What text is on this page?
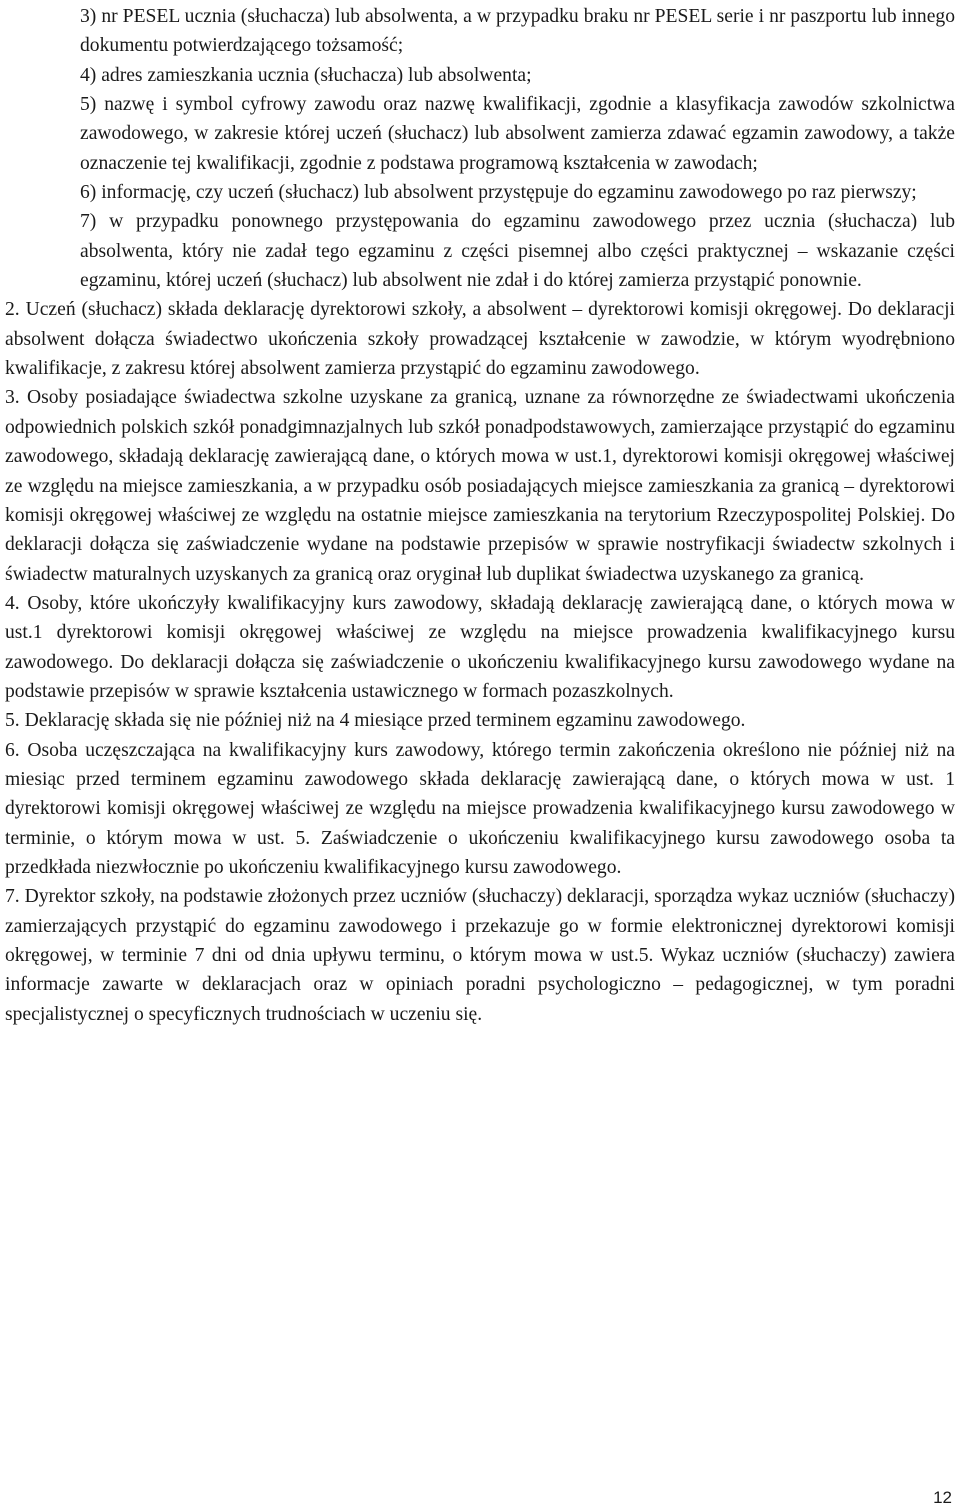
3) nr PESEL ucznia (słuchacza) lub absolwenta, a w przypadku braku nr PESEL serie i nr paszportu lub innego dokumentu potwierdzającego tożsamość;

4) adres zamieszkania ucznia (słuchacza) lub absolwenta;

5) nazwę i symbol cyfrowy zawodu oraz nazwę kwalifikacji, zgodnie a klasyfikacja zawodów szkolnictwa zawodowego, w zakresie której uczeń (słuchacz) lub absolwent zamierza zdawać egzamin zawodowy, a także oznaczenie tej kwalifikacji, zgodnie z podstawa programową kształcenia w zawodach;

6) informację, czy uczeń (słuchacz) lub absolwent przystępuje do egzaminu zawodowego po raz pierwszy;

7) w przypadku ponownego przystępowania do egzaminu zawodowego przez ucznia (słuchacza) lub absolwenta, który nie zadał tego egzaminu z części pisemnej albo części praktycznej – wskazanie części egzaminu, której uczeń (słuchacz) lub absolwent nie zdał i do której zamierza przystąpić ponownie.

2. Uczeń (słuchacz) składa deklarację dyrektorowi szkoły, a absolwent – dyrektorowi komisji okręgowej. Do deklaracji absolwent dołącza świadectwo ukończenia szkoły prowadzącej kształcenie w zawodzie, w którym wyodrębniono kwalifikacje, z zakresu której absolwent zamierza przystąpić do egzaminu zawodowego.

3. Osoby posiadające świadectwa szkolne uzyskane za granicą, uznane za równorzędne ze świadectwami ukończenia odpowiednich polskich szkół ponadgimnazjalnych lub szkół ponadpodstawowych, zamierzające przystąpić do egzaminu zawodowego, składają deklarację zawierającą dane, o których mowa w ust.1, dyrektorowi komisji okręgowej właściwej ze względu na miejsce zamieszkania, a w przypadku osób posiadających miejsce zamieszkania za granicą – dyrektorowi komisji okręgowej właściwej ze względu na ostatnie miejsce zamieszkania na terytorium Rzeczypospolitej Polskiej. Do deklaracji dołącza się zaświadczenie wydane na podstawie przepisów w sprawie nostryfikacji świadectw szkolnych i świadectw maturalnych uzyskanych za granicą oraz oryginał lub duplikat świadectwa uzyskanego za granicą.

4. Osoby, które ukończyły kwalifikacyjny kurs zawodowy, składają deklarację zawierającą dane, o których mowa w ust.1 dyrektorowi komisji okręgowej właściwej ze względu na miejsce prowadzenia kwalifikacyjnego kursu zawodowego. Do deklaracji dołącza się zaświadczenie o ukończeniu kwalifikacyjnego kursu zawodowego wydane na podstawie przepisów w sprawie kształcenia ustawicznego w formach pozaszkolnych.

5. Deklarację składa się nie później niż na 4 miesiące przed terminem egzaminu zawodowego.

6. Osoba uczęszczająca na kwalifikacyjny kurs zawodowy, którego termin zakończenia określono nie później niż na miesiąc przed terminem egzaminu zawodowego składa deklarację zawierającą dane, o których mowa w ust. 1 dyrektorowi komisji okręgowej właściwej ze względu na miejsce prowadzenia kwalifikacyjnego kursu zawodowego w terminie, o którym mowa w ust. 5. Zaświadczenie o ukończeniu kwalifikacyjnego kursu zawodowego osoba ta przedkłada niezwłocznie po ukończeniu kwalifikacyjnego kursu zawodowego.

7. Dyrektor szkoły, na podstawie złożonych przez uczniów (słuchaczy) deklaracji, sporządza wykaz uczniów (słuchaczy) zamierzających przystąpić do egzaminu zawodowego i przekazuje go w formie elektronicznej dyrektorowi komisji okręgowej, w terminie 7 dni od dnia upływu terminu, o którym mowa w ust.5. Wykaz uczniów (słuchaczy) zawiera informacje zawarte w deklaracjach oraz w opiniach poradni psychologiczno – pedagogicznej, w tym poradni specjalistycznej o specyficznych trudnościach w uczeniu się.

12
